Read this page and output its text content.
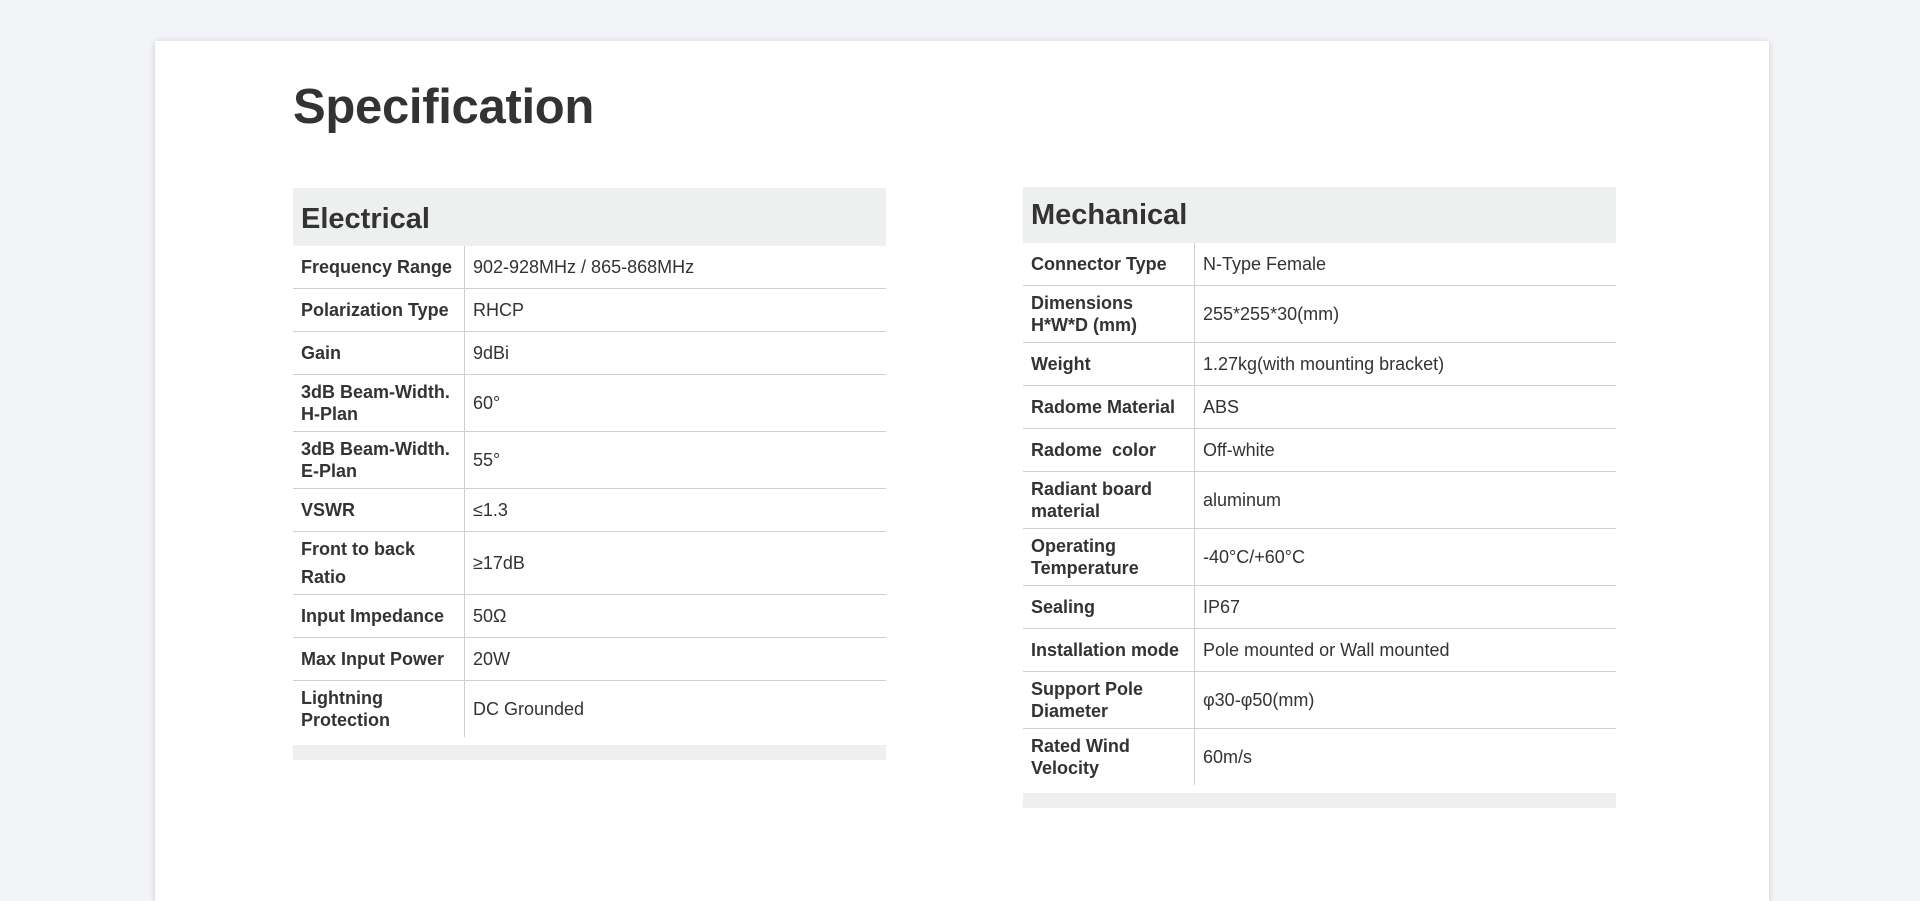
Specification
Electrical
Frequency Range	902-928MHz / 865-868MHz
Polarization Type	RHCP
Gain	9dBi
3dB Beam-Width. H-Plan	60°
3dB Beam-Width. E-Plan	55°
VSWR	≤1.3
Front to back Ratio	≥17dB
Input Impedance	50Ω
Max Input Power	20W
Lightning Protection	DC Grounded
Mechanical
Connector Type	N-Type Female
Dimensions H*W*D (mm)	255*255*30(mm)
Weight	1.27kg(with mounting bracket)
Radome Material	ABS
Radome  color	Off-white
Radiant board material	aluminum
Operating Temperature	-40°C/+60°C
Sealing	IP67
Installation mode	Pole mounted or Wall mounted
Support Pole Diameter	φ30-φ50(mm)
Rated Wind Velocity	60m/s
